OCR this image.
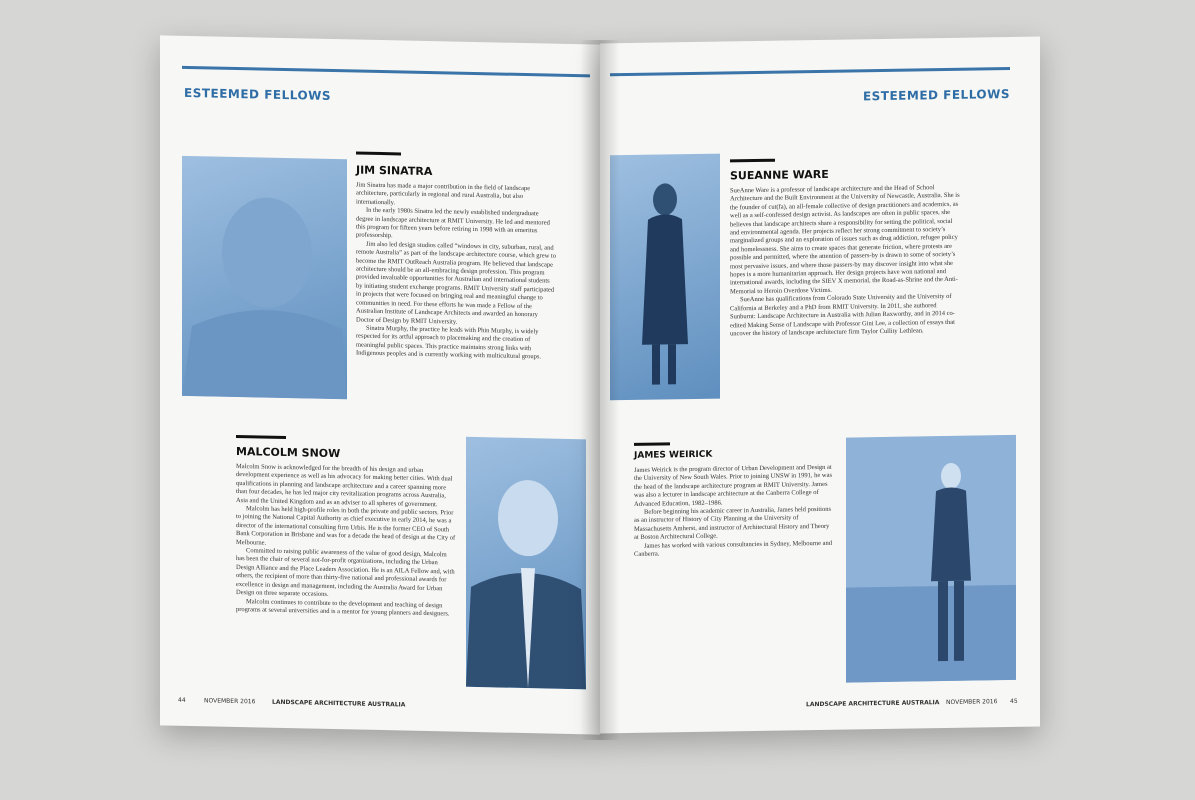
ESTEEMED FELLOWS
JIM SINATRA

Jim Sinatra has made a major contribution in the field of landscape architecture, particularly in regional and rural Australia, but also internationally.

In the early 1980s Sinatra led the newly established undergraduate degree in landscape architecture at RMIT University. He led and mentored this program for fifteen years before retiring in 1998 with an emeritus professorship.

Jim also led design studios called “windows in city, suburban, rural, and remote Australia” as part of the landscape architecture course, which grew to become the RMIT OutReach Australia program. He believed that landscape architecture should be an all-embracing design profession. This program provided invaluable opportunities for Australian and international students by initiating student exchange programs. RMIT University staff participated in projects that were focused on bringing real and meaningful change to communities in need. For these efforts he was made a Fellow of the Australian Institute of Landscape Architects and awarded an honorary Doctor of Design by RMIT University.

Sinatra Murphy, the practice he leads with Phin Murphy, is widely respected for its artful approach to placemaking and the creation of meaningful public spaces. This practice maintains strong links with Indigenous peoples and is currently working with multicultural groups.

MALCOLM SNOW

Malcolm Snow is acknowledged for the breadth of his design and urban development experience as well as his advocacy for making better cities. With dual qualifications in planning and landscape architecture and a career spanning more than four decades, he has led major city revitalization programs across Australia, Asia and the United Kingdom and as an adviser to all spheres of government.

Malcolm has held high-profile roles in both the private and public sectors. Prior to joining the National Capital Authority as chief executive in early 2014, he was a director of the international consulting firm Urbis. He is the former CEO of South Bank Corporation in Brisbane and was for a decade the head of design at the City of Melbourne.

Committed to raising public awareness of the value of good design, Malcolm has been the chair of several not-for-profit organizations, including the Urban Design Alliance and the Place Leaders Association. He is an AILA Fellow and, with others, the recipient of more than thirty-five national and professional awards for excellence in design and management, including the Australia Award for Urban Design on three separate occasions.

Malcolm continues to contribute to the development and teaching of design programs at several universities and is a mentor for young planners and designers.

44	NOVEMBER 2016	LANDSCAPE ARCHITECTURE AUSTRALIA
ESTEEMED FELLOWS
SUEANNE WARE

SueAnne Ware is a professor of landscape architecture and the Head of School Architecture and the Built Environment at the University of Newcastle, Australia. She is the founder of cut(fa), an all-female collective of design practitioners and academics, as well as a self-confessed design activist. As landscapes are often in public spaces, she believes that landscape architects share a responsibility for setting the political, social and environmental agenda. Her projects reflect her strong commitment to society’s marginalized groups and an exploration of issues such as drug addiction, refugee policy and homelessness. She aims to create spaces that generate friction, where protests are possible and permitted, where the attention of passers-by is drawn to some of society’s most pervasive issues, and where those passers-by may discover insight into what she hopes is a more humanitarian approach. Her design projects have won national and international awards, including the SIEV X memorial, the Road-as-Shrine and the Anti-Memorial to Heroin Overdose Victims.

SueAnne has qualifications from Colorado State University and the University of California at Berkeley and a PhD from RMIT University. In 2011, she authored Sunburnt: Landscape Architecture in Australia with Julian Raxworthy, and in 2014 co-edited Making Sense of Landscape with Professor Gini Lee, a collection of essays that uncover the history of landscape architecture firm Taylor Cullity Lethlean.

JAMES WEIRICK

James Weirick is the program director of Urban Development and Design at the University of New South Wales. Prior to joining UNSW in 1991, he was the head of the landscape architecture program at RMIT University. James was also a lecturer in landscape architecture at the Canberra College of Advanced Education, 1982–1986.

Before beginning his academic career in Australia, James held positions as an instructor of History of City Planning at the University of Massachusetts Amherst, and instructor of Architectural History and Theory at Boston Architectural College.

James has worked with various consultancies in Sydney, Melbourne and Canberra.

LANDSCAPE ARCHITECTURE AUSTRALIA NOVEMBER 2016 45
